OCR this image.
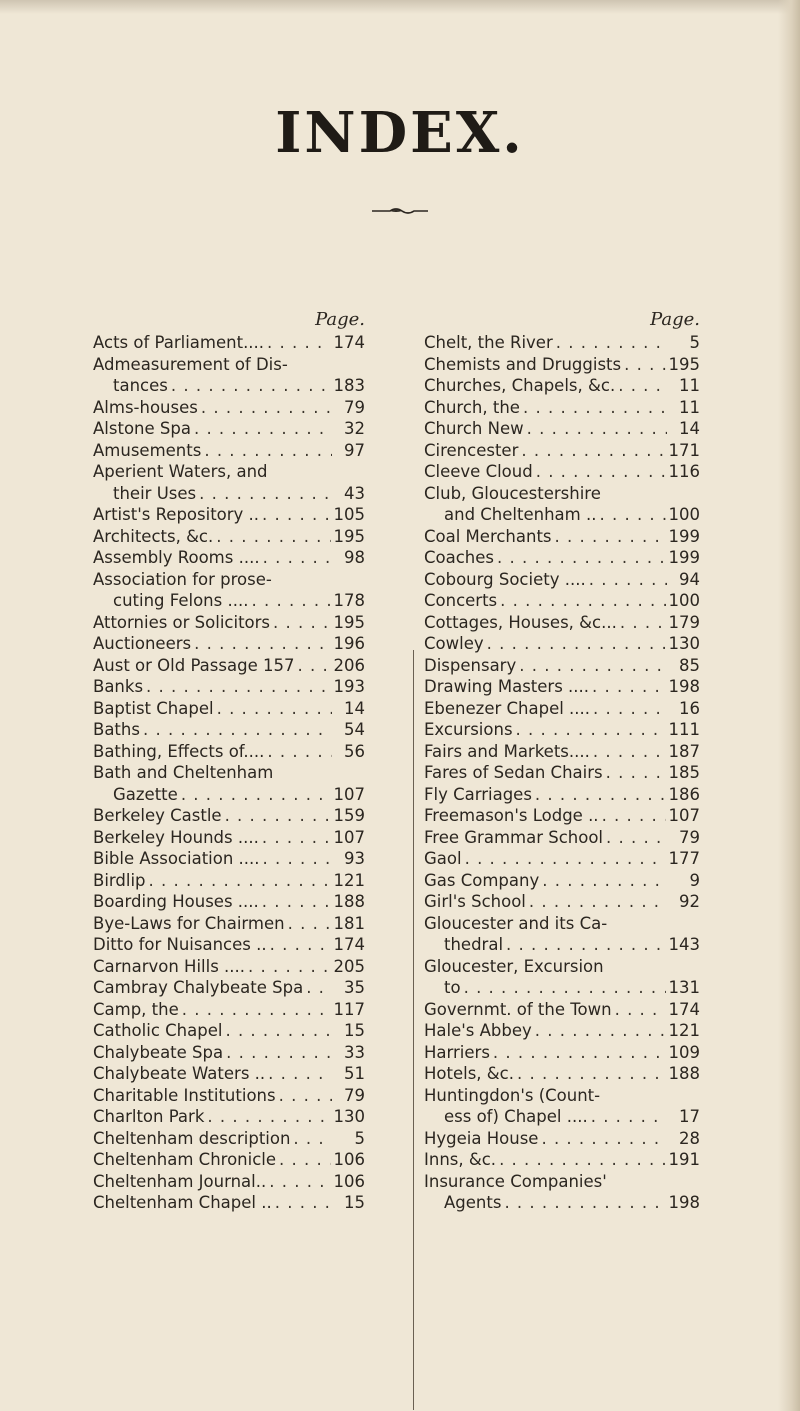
INDEX.
Page.
Acts of Parliament.... . . .	174
Admeasurement of Dis-
tances . . .	183
Alms-houses . . .	79
Alstone Spa . . .	32
Amusements . . .	97
Aperient Waters, and
their Uses . . .	43
Artist's Repository .. . . .	105
Architects, &c. . . .	195
Assembly Rooms .... . . .	98
Association for prose-
cuting Felons .... . . .	178
Attornies or Solicitors . . .	195
Auctioneers . . .	196
Aust or Old Passage 157 . . . 206
Banks . . .	193
Baptist Chapel . . .	14
Baths . . .	54
Bathing, Effects of.... . . .	56
Bath and Cheltenham
Gazette . . .	107
Berkeley Castle . . .	159
Berkeley Hounds .... . . .	107
Bible Association .... . . .	93
Birdlip . . .	121
Boarding Houses .... . . .	188
Bye-Laws for Chairmen . . .	181
Ditto for Nuisances .. . . .	174
Carnarvon Hills .... . . .	205
Cambray Chalybeate Spa . . .	35
Camp, the . . .	117
Catholic Chapel . . .	15
Chalybeate Spa . . .	33
Chalybeate Waters .. . . .	51
Charitable Institutions . . .	79
Charlton Park . . .	130
Cheltenham description . . .	5
Cheltenham Chronicle . . .	106
Cheltenham Journal.. . . .	106
Cheltenham Chapel .. . . .	15
Page.
Chelt, the River . . .	5
Chemists and Druggists . . .	195
Churches, Chapels, &c. . . .	11
Church, the . . .	11
Church New . . .	14
Cirencester . . .	171
Cleeve Cloud . . .	116
Club, Gloucestershire
and Cheltenham .. . . .	100
Coal Merchants . . .	199
Coaches . . .	199
Cobourg Society .... . . .	94
Concerts . . .	100
Cottages, Houses, &c... . . .	179
Cowley . . .	130
Dispensary . . .	85
Drawing Masters .... . . .	198
Ebenezer Chapel .... . . .	16
Excursions . . .	111
Fairs and Markets.... . . .	187
Fares of Sedan Chairs . . .	185
Fly Carriages . . .	186
Freemason's Lodge .. . . .	107
Free Grammar School . . .	79
Gaol . . .	177
Gas Company . . .	9
Girl's School . . .	92
Gloucester and its Ca-
thedral . . .	143
Gloucester, Excursion
to . . .	131
Governmt. of the Town . . .	174
Hale's Abbey . . .	121
Harriers . . .	109
Hotels, &c. . . .	188
Huntingdon's (Count-
ess of) Chapel .... . . .	17
Hygeia House . . .	28
Inns, &c. . . .	191
Insurance Companies'
Agents . . .	198
